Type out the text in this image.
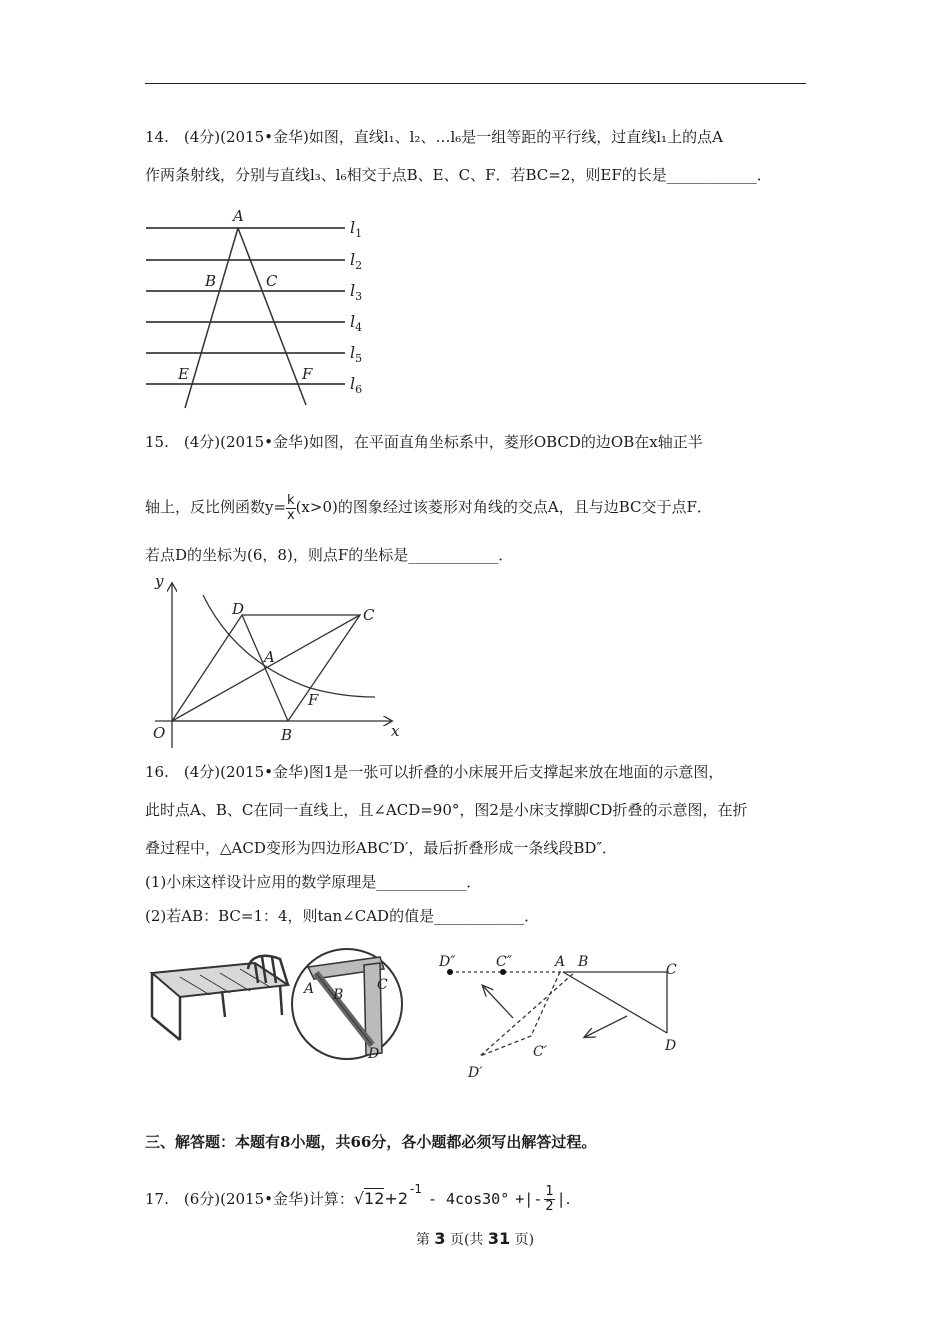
14.　(4分)(2015•金华)如图，直线l₁、l₂、…l₆是一组等距的平行线，过直线l₁上的点A
作两条射线，分别与直线l₃、l₆相交于点B、E、C、F．若BC=2，则EF的长是____________．
A
B	C
E	F
$l_1$
$l_2$
$l_3$
$l_4$
$l_5$
$l_6$
15.　(4分)(2015•金华)如图，在平面直角坐标系中，菱形OBCD的边OB在x轴正半
轴上，反比例函数$y= \frac{k}{x} (x>0)$的图象经过该菱形对角线的交点A，且与边BC交于点F．
若点D的坐标为(6，8)，则点F的坐标是____________．
y
x
O	B
C
D
A
F
16.　(4分)(2015•金华)图1是一张可以折叠的小床展开后支撑起来放在地面的示意图，
此时点A、B、C在同一直线上，且∠ACD=90°，图2是小床支撑脚CD折叠的示意图，在折
叠过程中，△ACD变形为四边形ABC′D′，最后折叠形成一条线段BD″．
(1)小床这样设计应用的数学原理是____________．
(2)若AB：BC=1：4，则tan∠CAD的值是____________．
A B
C
D
D″	C″	A B	C
D
C′
D′
三、解答题：本题有8小题，共66分，各小题都必须写出解答过程。
17.　(6分)(2015•金华)计算： √12 +2 -1
- 4cos30° +|- $\frac{1}{2}$ | .
第 3 页(共 31 页)
